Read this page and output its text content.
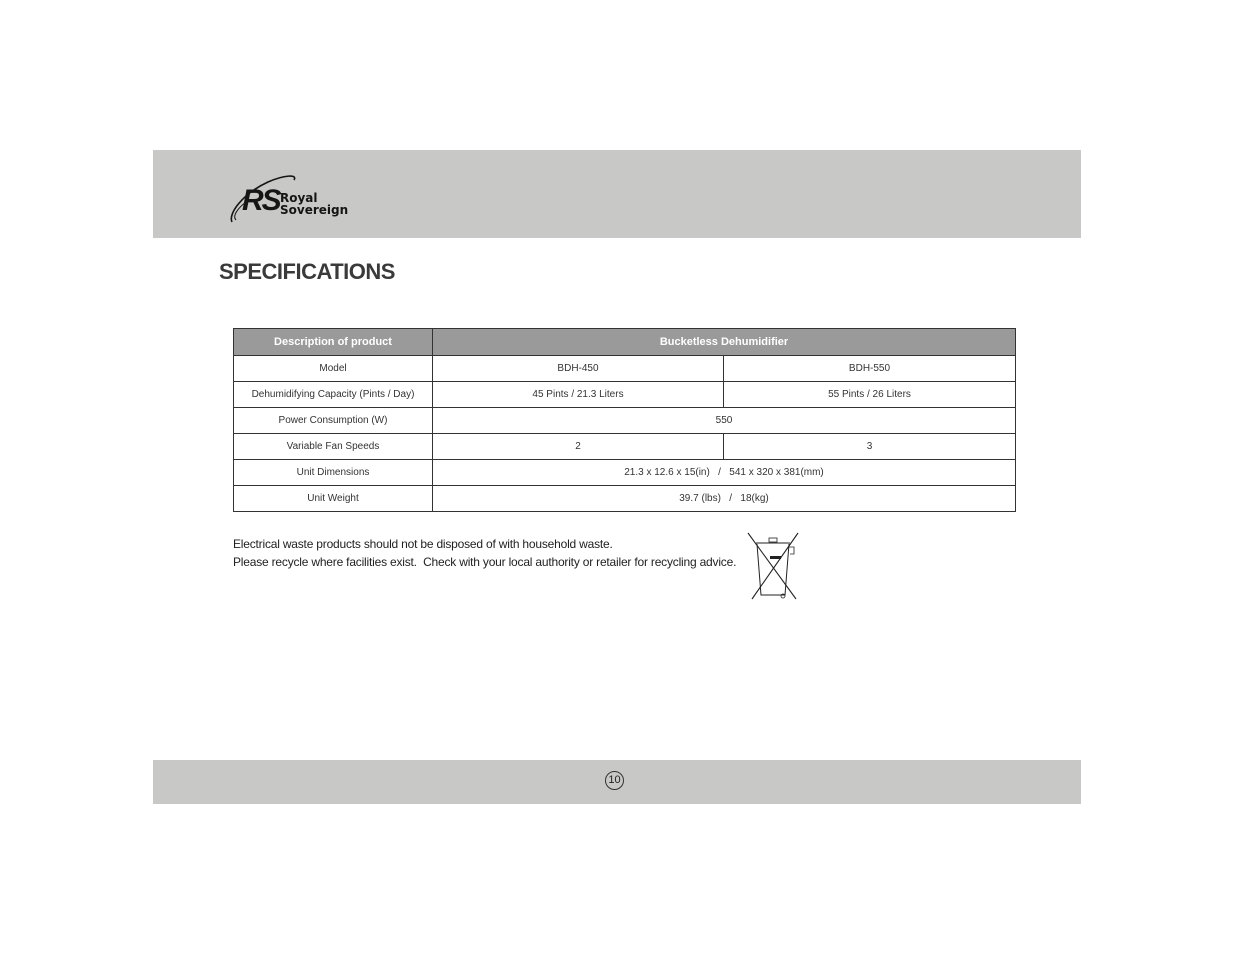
RS Royal
Sovereign
SPECIFICATIONS
Description of product	Bucketless Dehumidifier	
Model	BDH-450	BDH-550
Dehumidifying Capacity (Pints / Day)	45 Pints / 21.3 Liters	55 Pints / 26 Liters
Power Consumption (W)	550	
Variable Fan Speeds	2	3
Unit Dimensions	21.3 x 12.6 x 15(in)   /   541 x 320 x 381(mm)	
Unit Weight	39.7 (lbs)   /   18(kg)	
Electrical waste products should not be disposed of with household waste.
Please recycle where facilities exist.  Check with your local authority or retailer for recycling advice.
10
